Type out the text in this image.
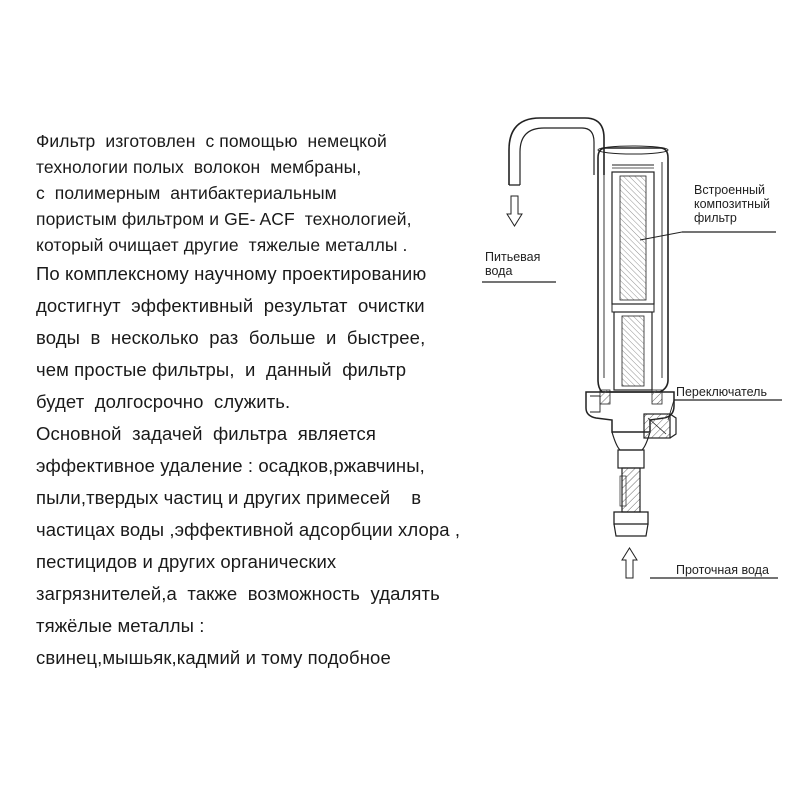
Фильтр  изготовлен  с помощью  немецкой
технологии полых  волокон  мембраны,
с  полимерным  антибактериальным
пористым фильтром и GE- ACF  технологией,
который очищает другие  тяжелые металлы .
По комплексному научному проектированию
достигнут  эффективный  результат  очистки
воды  в  несколько  раз  больше  и  быстрее,
чем простые фильтры,  и  данный  фильтр
будет  долгосрочно  служить.
Основной  задачей  фильтра  является
эффективное удаление : осадков,ржавчины,
пыли,твердых частиц и других примесей    в
частицах воды ,эффективной адсорбции хлора ,
пестицидов и других органических
загрязнителей,а  также  возможность  удалять
тяжёлые металлы :
свинец,мышьяк,кадмий и тому подобное
Встроенный
композитный
фильтр
Питьевая
вода
Переключатель
Проточная вода
